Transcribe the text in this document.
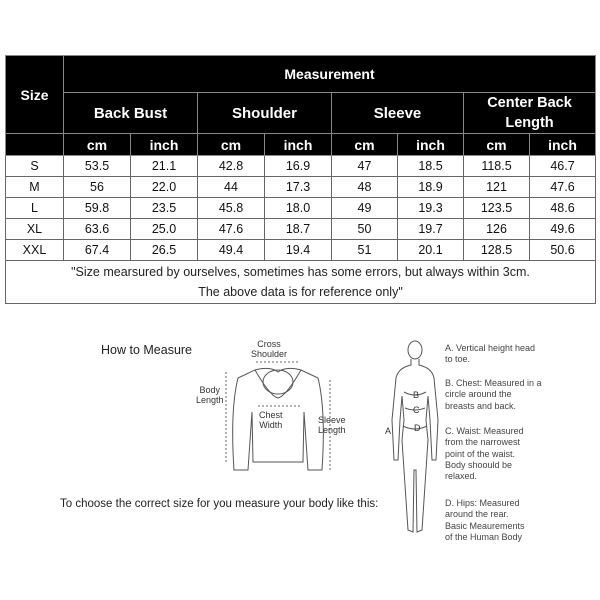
Size	Measurement							
	Back Bust		Shoulder		Sleeve		Center Back Length	
	cm	inch	cm	inch	cm	inch	cm	inch
S	53.5	21.1	42.8	16.9	47	18.5	118.5	46.7
M	56	22.0	44	17.3	48	18.9	121	47.6
L	59.8	23.5	45.8	18.0	49	19.3	123.5	48.6
XL	63.6	25.0	47.6	18.7	50	19.7	126	49.6
XXL	67.4	26.5	49.4	19.4	51	20.1	128.5	50.6

"Size mearsured by ourselves, sometimes has some errors, but always within 3cm.
The above data is for reference only"								
How to Measure
To choose the correct size for you measure your body like this:
B
C
D
A
Cross
Shoulder
Body
Length
Chest
Width	Sleeve
Length
A. Vertical height head
to toe.
B. Chest: Measured in a
circle around the
breasts and back.
C. Waist: Measured
from the narrowest
point of the waist.
Body shoould be
relaxed.
D. Hips: Measured
around the rear.
Basic Meaurements
of the Human Body
